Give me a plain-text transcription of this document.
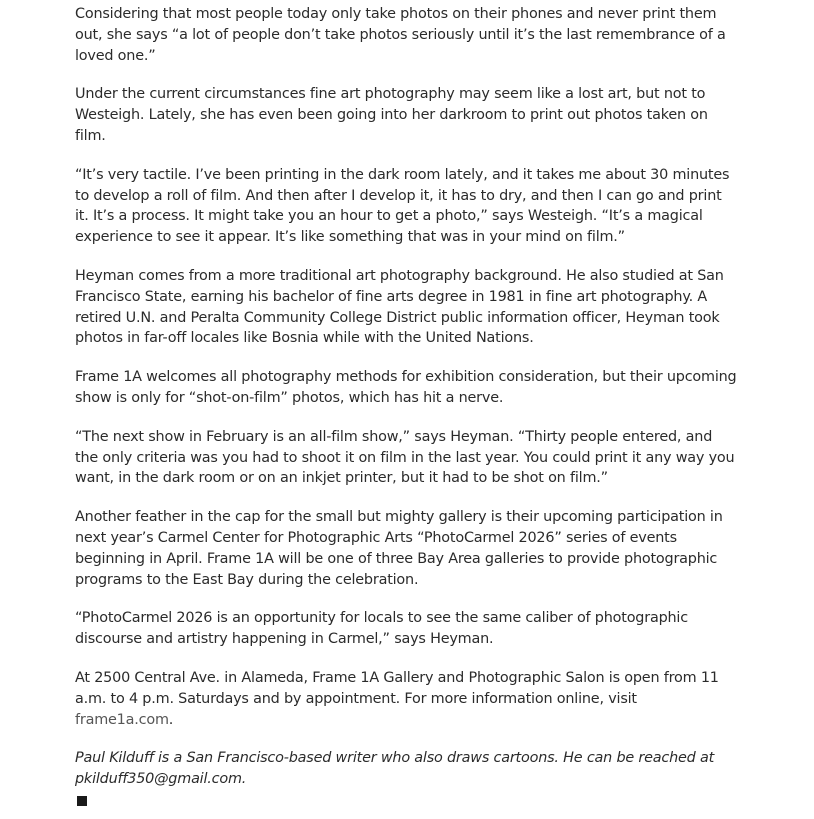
Considering that most people today only take photos on their phones and never print them out, she says “a lot of people don’t take photos seriously until it’s the last remembrance of a loved one.”

Under the current circumstances fine art photography may seem like a lost art, but not to Westeigh. Lately, she has even been going into her darkroom to print out photos taken on film.

“It’s very tactile. I’ve been printing in the dark room lately, and it takes me about 30 minutes to develop a roll of film. And then after I develop it, it has to dry, and then I can go and print it. It’s a process. It might take you an hour to get a photo,” says Westeigh. “It’s a magical experience to see it appear. It’s like something that was in your mind on film.”

Heyman comes from a more traditional art photography background. He also studied at San Francisco State, earning his bachelor of fine arts degree in 1981 in fine art photography. A retired U.N. and Peralta Community College District public information officer, Heyman took photos in far-off locales like Bosnia while with the United Nations.

Frame 1A welcomes all photography methods for exhibition consideration, but their upcoming show is only for “shot-on-film” photos, which has hit a nerve.

“The next show in February is an all-film show,” says Heyman. “Thirty people entered, and the only criteria was you had to shoot it on film in the last year. You could print it any way you want, in the dark room or on an inkjet printer, but it had to be shot on film.”

Another feather in the cap for the small but mighty gallery is their upcoming participation in next year’s Carmel Center for Photographic Arts “PhotoCarmel 2026” series of events beginning in April. Frame 1A will be one of three Bay Area galleries to provide photographic programs to the East Bay during the celebration.

“PhotoCarmel 2026 is an opportunity for locals to see the same caliber of photographic discourse and artistry happening in Carmel,” says Heyman.

At 2500 Central Ave. in Alameda, Frame 1A Gallery and Photographic Salon is open from 11 a.m. to 4 p.m. Saturdays and by appointment. For more information online, visit frame1a.com.

Paul Kilduff is a San Francisco-based writer who also draws cartoons. He can be reached at pkilduff350@gmail.com.
